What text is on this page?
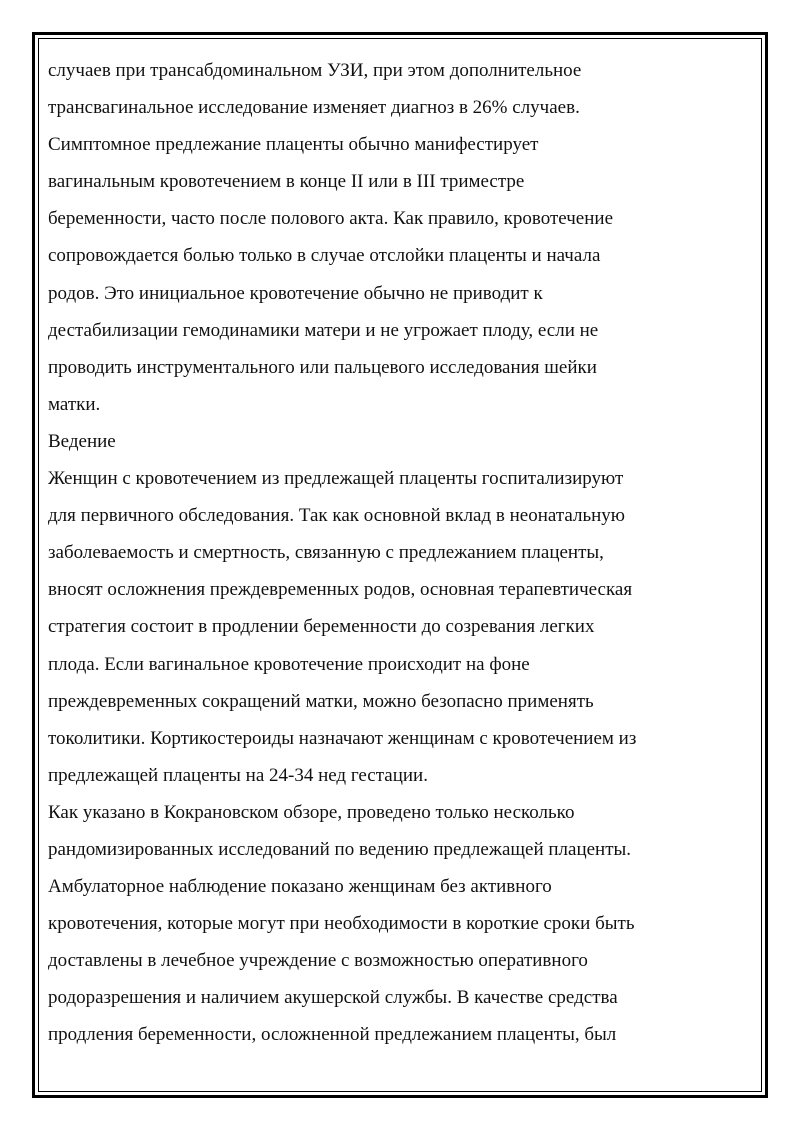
случаев при трансабдоминальном УЗИ, при этом дополнительное
трансвагинальное исследование изменяет диагноз в 26% случаев.
Симптомное предлежание плаценты обычно манифестирует
вагинальным кровотечением в конце II или в III триместре
беременности, часто после полового акта. Как правило, кровотечение
сопровождается болью только в случае отслойки плаценты и начала
родов. Это инициальное кровотечение обычно не приводит к
дестабилизации гемодинамики матери и не угрожает плоду, если не
проводить инструментального или пальцевого исследования шейки
матки.
Ведение
Женщин с кровотечением из предлежащей плаценты госпитализируют
для первичного обследования. Так как основной вклад в неонатальную
заболеваемость и смертность, связанную с предлежанием плаценты,
вносят осложнения преждевременных родов, основная терапевтическая
стратегия состоит в продлении беременности до созревания легких
плода. Если вагинальное кровотечение происходит на фоне
преждевременных сокращений матки, можно безопасно применять
токолитики. Кортикостероиды назначают женщинам с кровотечением из
предлежащей плаценты на 24-34 нед гестации.
Как указано в Кокрановском обзоре, проведено только несколько
рандомизированных исследований по ведению предлежащей плаценты.
Амбулаторное наблюдение показано женщинам без активного
кровотечения, которые могут при необходимости в короткие сроки быть
доставлены в лечебное учреждение с возможностью оперативного
родоразрешения и наличием акушерской службы. В качестве средства
продления беременности, осложненной предлежанием плаценты, был
